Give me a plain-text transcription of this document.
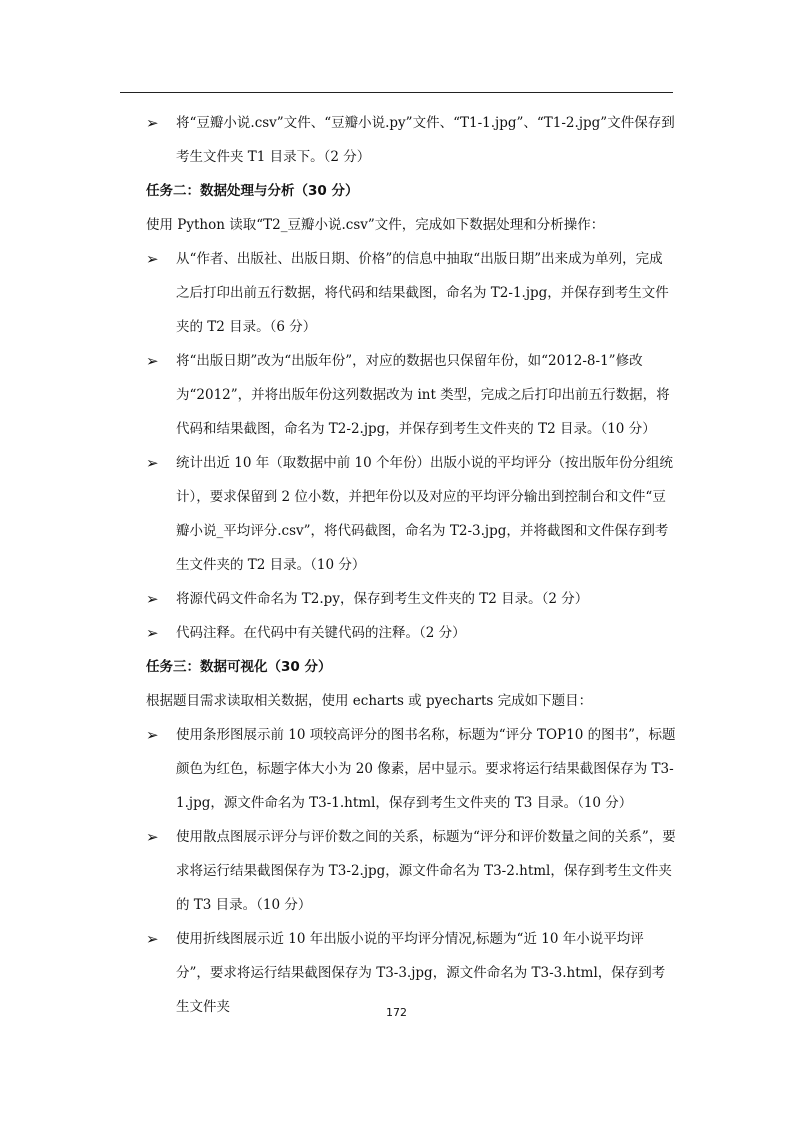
➢ 将“豆瓣小说.csv”文件、“豆瓣小说.py”文件、“T1-1.jpg”、“T1-2.jpg”文件保存到考生文件夹 T1 目录下。（2 分）

任务二：数据处理与分析（30 分）

使用 Python 读取“T2_豆瓣小说.csv”文件，完成如下数据处理和分析操作：

➢ 从“作者、出版社、出版日期、价格”的信息中抽取“出版日期”出来成为单列，完成之后打印出前五行数据，将代码和结果截图，命名为 T2-1.jpg，并保存到考生文件夹的 T2 目录。（6 分）

➢ 将“出版日期”改为“出版年份”，对应的数据也只保留年份，如“2012-8-1”修改为“2012”，并将出版年份这列数据改为 int 类型，完成之后打印出前五行数据，将代码和结果截图，命名为 T2-2.jpg，并保存到考生文件夹的 T2 目录。（10 分）

➢ 统计出近 10 年（取数据中前 10 个年份）出版小说的平均评分（按出版年份分组统计），要求保留到 2 位小数，并把年份以及对应的平均评分输出到控制台和文件“豆瓣小说_平均评分.csv”，将代码截图，命名为 T2-3.jpg，并将截图和文件保存到考生文件夹的 T2 目录。（10 分）

➢ 将源代码文件命名为 T2.py，保存到考生文件夹的 T2 目录。（2 分）

➢ 代码注释。在代码中有关键代码的注释。（2 分）

任务三：数据可视化（30 分）

根据题目需求读取相关数据，使用 echarts 或 pyecharts 完成如下题目：

➢ 使用条形图展示前 10 项较高评分的图书名称，标题为“评分 TOP10 的图书”，标题颜色为红色，标题字体大小为 20 像素，居中显示。要求将运行结果截图保存为 T3-1.jpg，源文件命名为 T3-1.html，保存到考生文件夹的 T3 目录。（10 分）

➢ 使用散点图展示评分与评价数之间的关系，标题为“评分和评价数量之间的关系”，要求将运行结果截图保存为 T3-2.jpg，源文件命名为 T3-2.html，保存到考生文件夹的 T3 目录。（10 分）

➢ 使用折线图展示近 10 年出版小说的平均评分情况,标题为“近 10 年小说平均评分”，要求将运行结果截图保存为 T3-3.jpg，源文件命名为 T3-3.html，保存到考生文件夹	172
